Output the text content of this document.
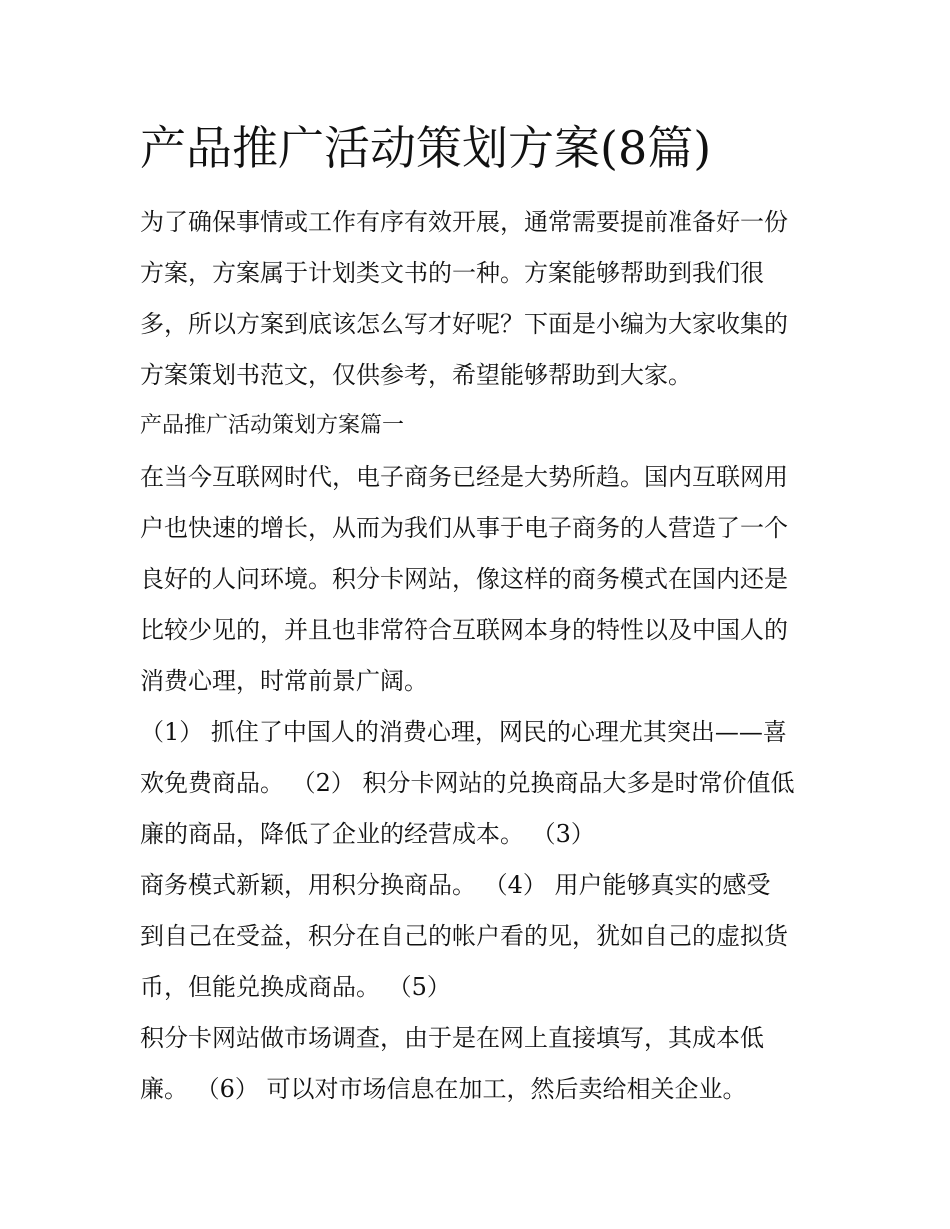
产品推广活动策划方案(8篇)

为了确保事情或工作有序有效开展，通常需要提前准备好一份

方案，方案属于计划类文书的一种。方案能够帮助到我们很

多，所以方案到底该怎么写才好呢？下面是小编为大家收集的

方案策划书范文，仅供参考，希望能够帮助到大家。

产品推广活动策划方案篇一

在当今互联网时代，电子商务已经是大势所趋。国内互联网用

户也快速的增长，从而为我们从事于电子商务的人营造了一个

良好的人问环境。积分卡网站，像这样的商务模式在国内还是

比较少见的，并且也非常符合互联网本身的特性以及中国人的

消费心理，时常前景广阔。

（1） 抓住了中国人的消费心理，网民的心理尤其突出——喜

欢免费商品。 （2） 积分卡网站的兑换商品大多是时常价值低

廉的商品，降低了企业的经营成本。 （3）

商务模式新颖，用积分换商品。 （4） 用户能够真实的感受

到自己在受益，积分在自己的帐户看的见，犹如自己的虚拟货

币，但能兑换成商品。 （5）

积分卡网站做市场调查，由于是在网上直接填写，其成本低

廉。 （6） 可以对市场信息在加工，然后卖给相关企业。
